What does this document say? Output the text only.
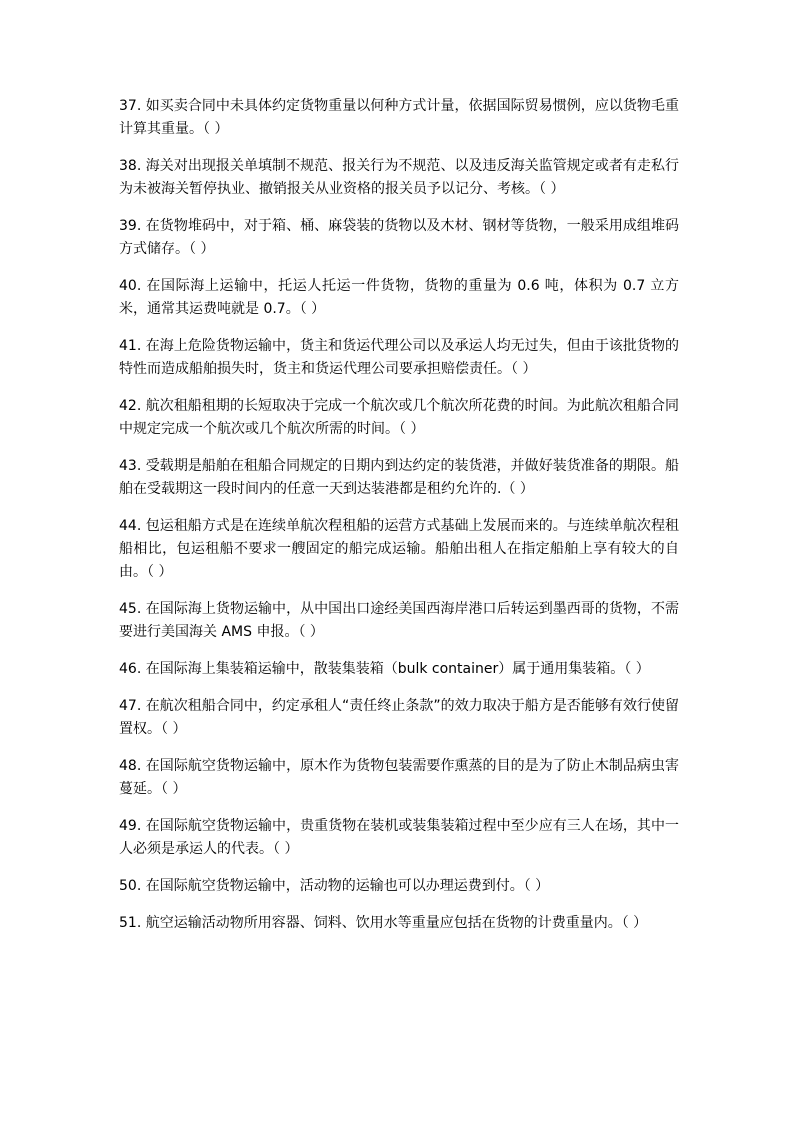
37. 如买卖合同中未具体约定货物重量以何种方式计量，依据国际贸易惯例，应以货物毛重计算其重量。（ ）

38. 海关对出现报关单填制不规范、报关行为不规范、以及违反海关监管规定或者有走私行为未被海关暂停执业、撤销报关从业资格的报关员予以记分、考核。（ ）

39. 在货物堆码中，对于箱、桶、麻袋装的货物以及木材、钢材等货物，一般采用成组堆码方式储存。（ ）

40. 在国际海上运输中，托运人托运一件货物，货物的重量为 0.6 吨，体积为 0.7 立方米，通常其运费吨就是 0.7。（ ）

41. 在海上危险货物运输中，货主和货运代理公司以及承运人均无过失，但由于该批货物的特性而造成船舶损失时，货主和货运代理公司要承担赔偿责任。（ ）

42. 航次租船租期的长短取决于完成一个航次或几个航次所花费的时间。为此航次租船合同中规定完成一个航次或几个航次所需的时间。（ ）

43. 受载期是船舶在租船合同规定的日期内到达约定的装货港，并做好装货准备的期限。船舶在受载期这一段时间内的任意一天到达装港都是租约允许的.（ ）

44. 包运租船方式是在连续单航次程租船的运营方式基础上发展而来的。与连续单航次程租船相比，包运租船不要求一艘固定的船完成运输。船舶出租人在指定船舶上享有较大的自由。（ ）

45. 在国际海上货物运输中，从中国出口途经美国西海岸港口后转运到墨西哥的货物，不需要进行美国海关 AMS 申报。（ ）

46. 在国际海上集装箱运输中，散装集装箱（bulk container）属于通用集装箱。（ ）

47. 在航次租船合同中，约定承租人“责任终止条款”的效力取决于船方是否能够有效行使留置权。（ ）

48. 在国际航空货物运输中，原木作为货物包装需要作熏蒸的目的是为了防止木制品病虫害蔓延。（ ）

49. 在国际航空货物运输中，贵重货物在装机或装集装箱过程中至少应有三人在场，其中一人必须是承运人的代表。（ ）

50. 在国际航空货物运输中，活动物的运输也可以办理运费到付。（ ）

51. 航空运输活动物所用容器、饲料、饮用水等重量应包括在货物的计费重量内。（ ）
